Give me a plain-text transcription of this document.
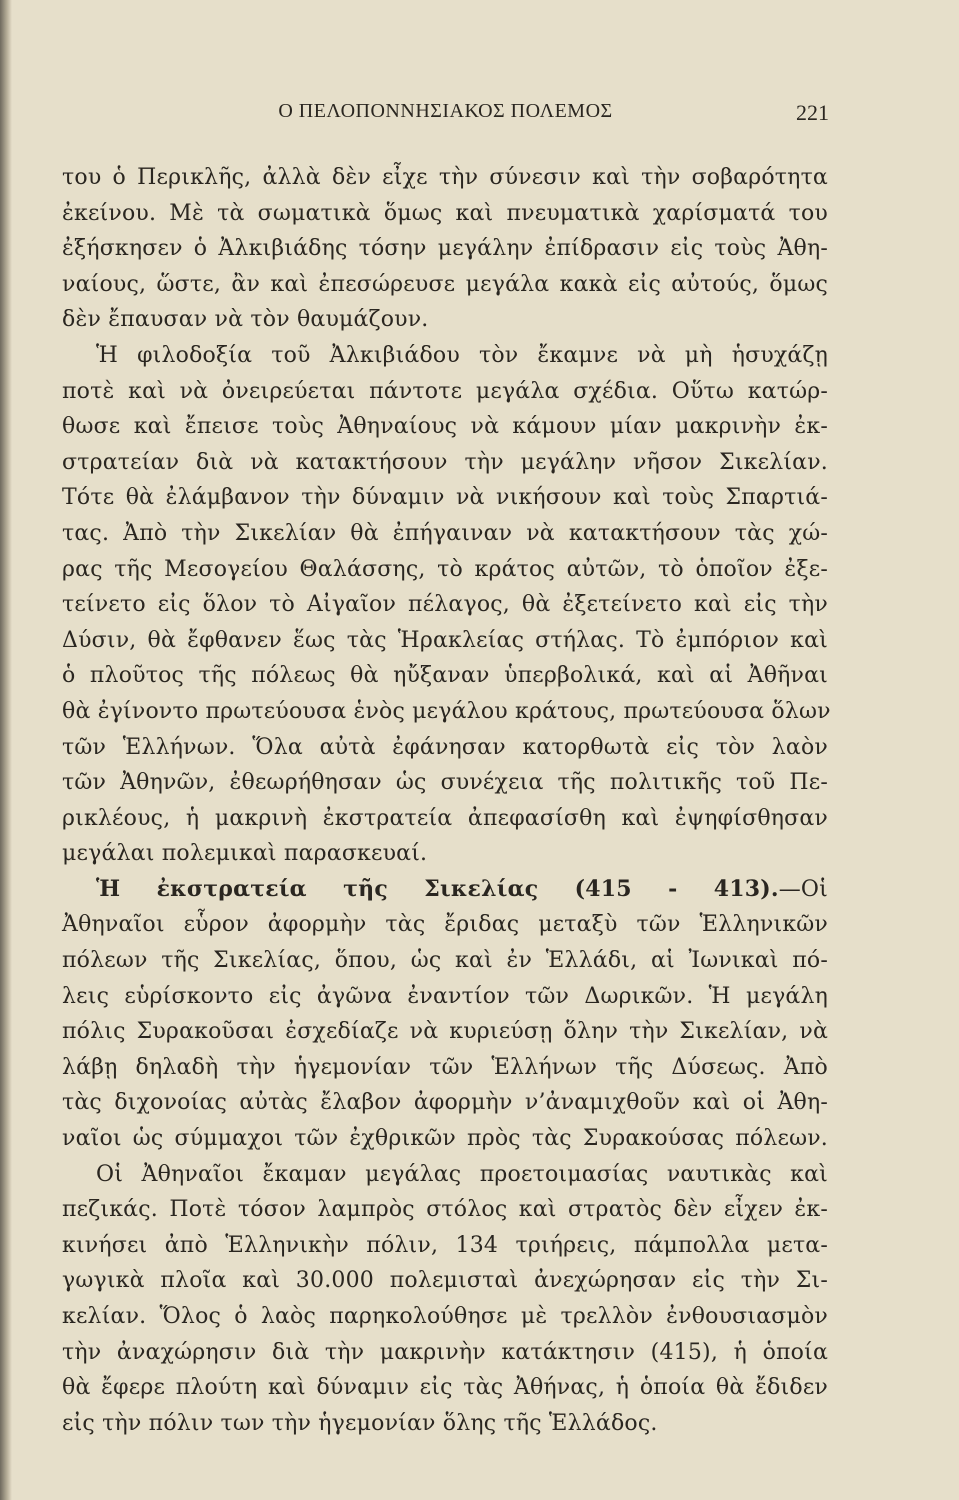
Ο ΠΕΛΟΠΟΝΝΗΣΙΑΚΟΣ ΠΟΛΕΜΟΣ	221
του ὁ Περικλῆς, ἀλλὰ δὲν εἶχε τὴν σύνεσιν καὶ τὴν σοβαρότητα
ἐκείνου. Μὲ τὰ σωματικὰ ὅμως καὶ πνευματικὰ χαρίσματά του
ἐξήσκησεν ὁ Ἀλκιβιάδης τόσην μεγάλην ἐπίδρασιν εἰς τοὺς Ἀθη-
ναίους, ὥστε, ἂν καὶ ἐπεσώρευσε μεγάλα κακὰ εἰς αὐτούς, ὅμως
δὲν ἔπαυσαν νὰ τὸν θαυμάζουν.
Ἡ φιλοδοξία τοῦ Ἀλκιβιάδου τὸν ἔκαμνε νὰ μὴ ἡσυχάζῃ
ποτὲ καὶ νὰ ὀνειρεύεται πάντοτε μεγάλα σχέδια. Οὕτω κατώρ-
θωσε καὶ ἔπεισε τοὺς Ἀθηναίους νὰ κάμουν μίαν μακρινὴν ἐκ-
στρατείαν διὰ νὰ κατακτήσουν τὴν μεγάλην νῆσον Σικελίαν.
Τότε θὰ ἐλάμβανον τὴν δύναμιν νὰ νικήσουν καὶ τοὺς Σπαρτιά-
τας. Ἀπὸ τὴν Σικελίαν θὰ ἐπήγαιναν νὰ κατακτήσουν τὰς χώ-
ρας τῆς Μεσογείου Θαλάσσης, τὸ κράτος αὐτῶν, τὸ ὁποῖον ἐξε-
τείνετο εἰς ὅλον τὸ Αἰγαῖον πέλαγος, θὰ ἐξετείνετο καὶ εἰς τὴν
Δύσιν, θὰ ἔφθανεν ἕως τὰς Ἡρακλείας στήλας. Τὸ ἐμπόριον καὶ
ὁ πλοῦτος τῆς πόλεως θὰ ηὔξαναν ὑπερβολικά, καὶ αἱ Ἀθῆναι
θὰ ἐγίνοντο πρωτεύουσα ἑνὸς μεγάλου κράτους, πρωτεύουσα ὅλων
τῶν Ἑλλήνων. Ὅλα αὐτὰ ἐφάνησαν κατορθωτὰ εἰς τὸν λαὸν
τῶν Ἀθηνῶν, ἐθεωρήθησαν ὡς συνέχεια τῆς πολιτικῆς τοῦ Πε-
ρικλέους, ἡ μακρινὴ ἐκστρατεία ἀπεφασίσθη καὶ ἐψηφίσθησαν
μεγάλαι πολεμικαὶ παρασκευαί.
Ἡ ἐκστρατεία τῆς Σικελίας (415 - 413).—Οἱ
Ἀθηναῖοι εὗρον ἀφορμὴν τὰς ἔριδας μεταξὺ τῶν Ἑλληνικῶν
πόλεων τῆς Σικελίας, ὅπου, ὡς καὶ ἐν Ἑλλάδι, αἱ Ἰωνικαὶ πό-
λεις εὑρίσκοντο εἰς ἀγῶνα ἐναντίον τῶν Δωρικῶν. Ἡ μεγάλη
πόλις Συρακοῦσαι ἐσχεδίαζε νὰ κυριεύσῃ ὅλην τὴν Σικελίαν, νὰ
λάβῃ δηλαδὴ τὴν ἡγεμονίαν τῶν Ἑλλήνων τῆς Δύσεως. Ἀπὸ
τὰς διχονοίας αὐτὰς ἔλαβον ἀφορμὴν ν’ἀναμιχθοῦν καὶ οἱ Ἀθη-
ναῖοι ὡς σύμμαχοι τῶν ἐχθρικῶν πρὸς τὰς Συρακούσας πόλεων.
Οἱ Ἀθηναῖοι ἔκαμαν μεγάλας προετοιμασίας ναυτικὰς καὶ
πεζικάς. Ποτὲ τόσον λαμπρὸς στόλος καὶ στρατὸς δὲν εἶχεν ἐκ-
κινήσει ἀπὸ Ἑλληνικὴν πόλιν, 134 τριήρεις, πάμπολλα μετα-
γωγικὰ πλοῖα καὶ 30.000 πολεμισταὶ ἀνεχώρησαν εἰς τὴν Σι-
κελίαν. Ὅλος ὁ λαὸς παρηκολούθησε μὲ τρελλὸν ἐνθουσιασμὸν
τὴν ἀναχώρησιν διὰ τὴν μακρινὴν κατάκτησιν (415), ἡ ὁποία
θὰ ἔφερε πλούτη καὶ δύναμιν εἰς τὰς Ἀθήνας, ἡ ὁποία θὰ ἔδιδεν
εἰς τὴν πόλιν των τὴν ἡγεμονίαν ὅλης τῆς Ἑλλάδος.
